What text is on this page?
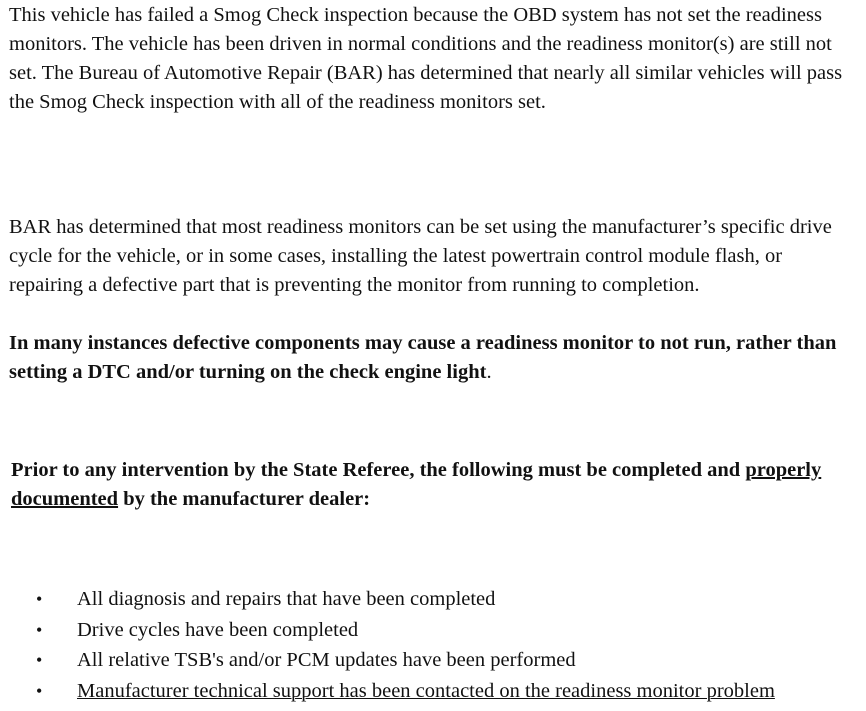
This vehicle has failed a Smog Check inspection because the OBD system has not set the readiness monitors. The vehicle has been driven in normal conditions and the readiness monitor(s) are still not set. The Bureau of Automotive Repair (BAR) has determined that nearly all similar vehicles will pass the Smog Check inspection with all of the readiness monitors set.

BAR has determined that most readiness monitors can be set using the manufacturer’s specific drive cycle for the vehicle, or in some cases, installing the latest powertrain control module flash, or repairing a defective part that is preventing the monitor from running to completion.

In many instances defective components may cause a readiness monitor to not run, rather than setting a DTC and/or turning on the check engine light.

Prior to any intervention by the State Referee, the following must be completed and properly documented by the manufacturer dealer:

• All diagnosis and repairs that have been completed
• Drive cycles have been completed
• All relative TSB's and/or PCM updates have been performed
• Manufacturer technical support has been contacted on the readiness monitor problem
